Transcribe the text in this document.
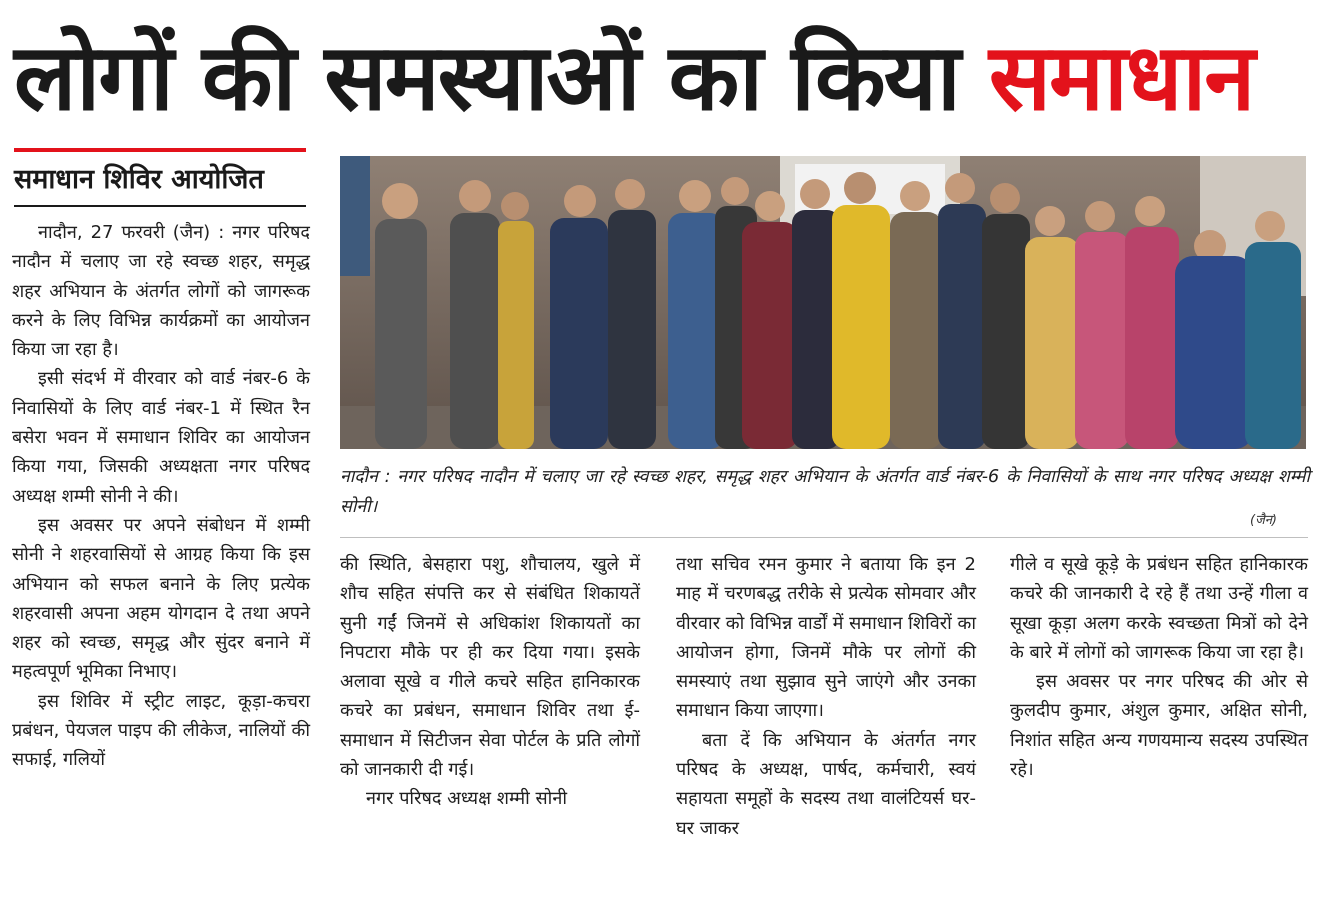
लोगों की समस्याओं का किया समाधान
समाधान शिविर आयोजित

नादौन, 27 फरवरी (जैन) : नगर परिषद नादौन में चलाए जा रहे स्वच्छ शहर, समृद्ध शहर अभियान के अंतर्गत लोगों को जागरूक करने के लिए विभिन्न कार्यक्रमों का आयोजन किया जा रहा है।

इसी संदर्भ में वीरवार को वार्ड नंबर-6 के निवासियों के लिए वार्ड नंबर-1 में स्थित रैन बसेरा भवन में समाधान शिविर का आयोजन किया गया, जिसकी अध्यक्षता नगर परिषद अध्यक्ष शम्मी सोनी ने की।

इस अवसर पर अपने संबोधन में शम्मी सोनी ने शहरवासियों से आग्रह किया कि इस अभियान को सफल बनाने के लिए प्रत्येक शहरवासी अपना अहम योगदान दे तथा अपने शहर को स्वच्छ, समृद्ध और सुंदर बनाने में महत्वपूर्ण भूमिका निभाए।

इस शिविर में स्ट्रीट लाइट, कूड़ा-कचरा प्रबंधन, पेयजल पाइप की लीकेज, नालियों की सफाई, गलियों

नादौन : नगर परिषद नादौन में चलाए जा रहे स्वच्छ शहर, समृद्ध शहर अभियान के अंतर्गत वार्ड नंबर-6 के निवासियों के साथ नगर परिषद अध्यक्ष शम्मी सोनी।
(जैन)

की स्थिति, बेसहारा पशु, शौचालय, खुले में शौच सहित संपत्ति कर से संबंधित शिकायतें सुनी गईं जिनमें से अधिकांश शिकायतों का निपटारा मौके पर ही कर दिया गया। इसके अलावा सूखे व गीले कचरे सहित हानिकारक कचरे का प्रबंधन, समाधान शिविर तथा ई- समाधान में सिटीजन सेवा पोर्टल के प्रति लोगों को जानकारी दी गई।

नगर परिषद अध्यक्ष शम्मी सोनी

तथा सचिव रमन कुमार ने बताया कि इन 2 माह में चरणबद्ध तरीके से प्रत्येक सोमवार और वीरवार को विभिन्न वार्डों में समाधान शिविरों का आयोजन होगा, जिनमें मौके पर लोगों की समस्याएं तथा सुझाव सुने जाएंगे और उनका समाधान किया जाएगा।

बता दें कि अभियान के अंतर्गत नगर परिषद के अध्यक्ष, पार्षद, कर्मचारी, स्वयं सहायता समूहों के सदस्य तथा वालंटियर्स घर-घर जाकर

गीले व सूखे कूड़े के प्रबंधन सहित हानिकारक कचरे की जानकारी दे रहे हैं तथा उन्हें गीला व सूखा कूड़ा अलग करके स्वच्छता मित्रों को देने के बारे में लोगों को जागरूक किया जा रहा है।

इस अवसर पर नगर परिषद की ओर से कुलदीप कुमार, अंशुल कुमार, अक्षित सोनी, निशांत सहित अन्य गणयमान्य सदस्य उपस्थित रहे।
